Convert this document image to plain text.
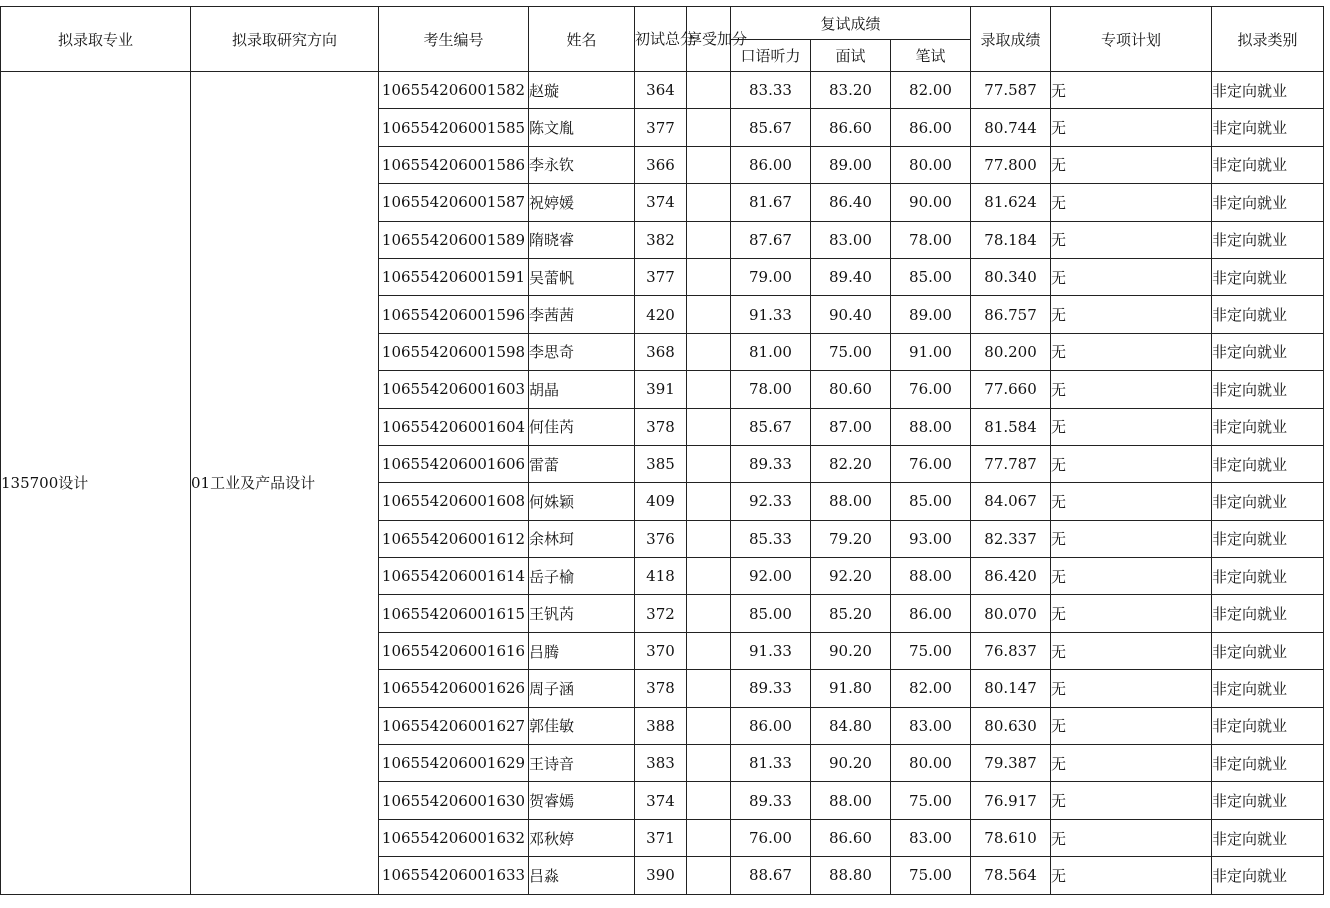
拟录取专业	拟录取研究方向	考生编号	姓名	初试总分	享受加分	复试成绩			录取成绩	专项计划	拟录类别
						口语听力	面试	笔试			
135700设计	01工业及产品设计	106554206001582	赵璇	364		83.33	83.20	82.00	77.587	无	非定向就业
		106554206001585	陈文胤	377		85.67	86.60	86.00	80.744	无	非定向就业
		106554206001586	李永钦	366		86.00	89.00	80.00	77.800	无	非定向就业
		106554206001587	祝婷媛	374		81.67	86.40	90.00	81.624	无	非定向就业
		106554206001589	隋晓睿	382		87.67	83.00	78.00	78.184	无	非定向就业
		106554206001591	吴蕾帆	377		79.00	89.40	85.00	80.340	无	非定向就业
		106554206001596	李茜茜	420		91.33	90.40	89.00	86.757	无	非定向就业
		106554206001598	李思奇	368		81.00	75.00	91.00	80.200	无	非定向就业
		106554206001603	胡晶	391		78.00	80.60	76.00	77.660	无	非定向就业
		106554206001604	何佳芮	378		85.67	87.00	88.00	81.584	无	非定向就业
		106554206001606	雷蕾	385		89.33	82.20	76.00	77.787	无	非定向就业
		106554206001608	何姝颖	409		92.33	88.00	85.00	84.067	无	非定向就业
		106554206001612	余林珂	376		85.33	79.20	93.00	82.337	无	非定向就业
		106554206001614	岳子榆	418		92.00	92.20	88.00	86.420	无	非定向就业
		106554206001615	王钒芮	372		85.00	85.20	86.00	80.070	无	非定向就业
		106554206001616	吕腾	370		91.33	90.20	75.00	76.837	无	非定向就业
		106554206001626	周子涵	378		89.33	91.80	82.00	80.147	无	非定向就业
		106554206001627	郭佳敏	388		86.00	84.80	83.00	80.630	无	非定向就业
		106554206001629	王诗音	383		81.33	90.20	80.00	79.387	无	非定向就业
		106554206001630	贺睿嫣	374		89.33	88.00	75.00	76.917	无	非定向就业
		106554206001632	邓秋婷	371		76.00	86.60	83.00	78.610	无	非定向就业
		106554206001633	吕淼	390		88.67	88.80	75.00	78.564	无	非定向就业
